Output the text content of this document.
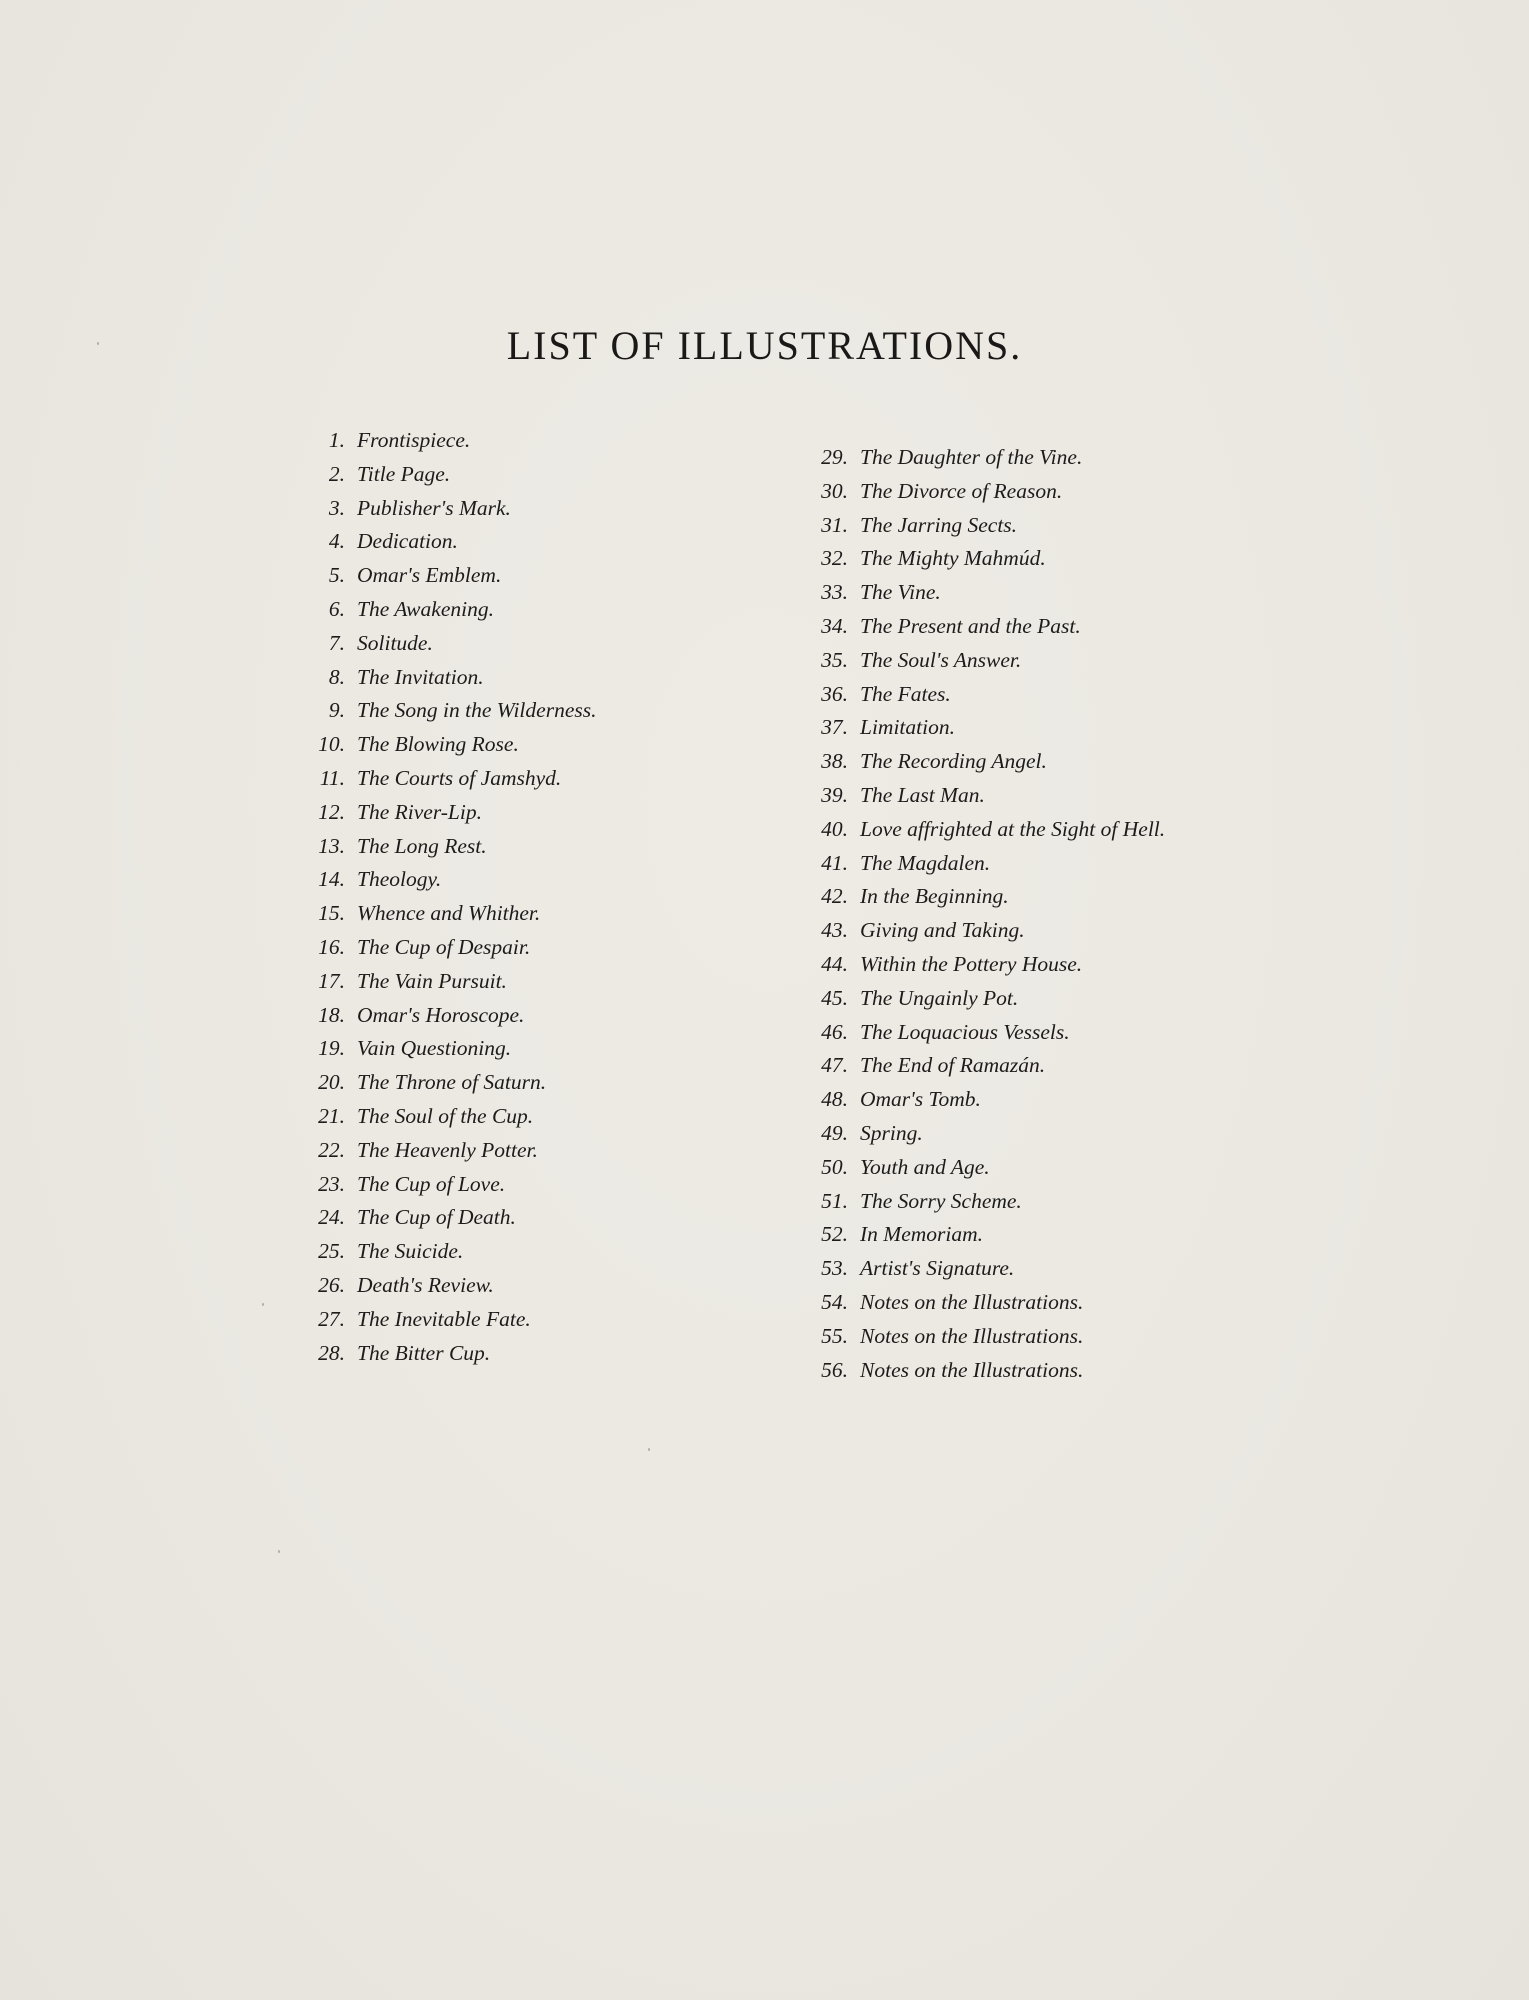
LIST OF ILLUSTRATIONS.
1. Frontispiece.
2. Title Page.
3. Publisher's Mark.
4. Dedication.
5. Omar's Emblem.
6. The Awakening.
7. Solitude.
8. The Invitation.
9. The Song in the Wilderness.
10. The Blowing Rose.
11. The Courts of Jamshyd.
12. The River-Lip.
13. The Long Rest.
14. Theology.
15. Whence and Whither.
16. The Cup of Despair.
17. The Vain Pursuit.
18. Omar's Horoscope.
19. Vain Questioning.
20. The Throne of Saturn.
21. The Soul of the Cup.
22. The Heavenly Potter.
23. The Cup of Love.
24. The Cup of Death.
25. The Suicide.
26. Death's Review.
27. The Inevitable Fate.
28. The Bitter Cup.
29. The Daughter of the Vine.
30. The Divorce of Reason.
31. The Jarring Sects.
32. The Mighty Mahmúd.
33. The Vine.
34. The Present and the Past.
35. The Soul's Answer.
36. The Fates.
37. Limitation.
38. The Recording Angel.
39. The Last Man.
40. Love affrighted at the Sight of Hell.
41. The Magdalen.
42. In the Beginning.
43. Giving and Taking.
44. Within the Pottery House.
45. The Ungainly Pot.
46. The Loquacious Vessels.
47. The End of Ramazán.
48. Omar's Tomb.
49. Spring.
50. Youth and Age.
51. The Sorry Scheme.
52. In Memoriam.
53. Artist's Signature.
54. Notes on the Illustrations.
55. Notes on the Illustrations.
56. Notes on the Illustrations.
